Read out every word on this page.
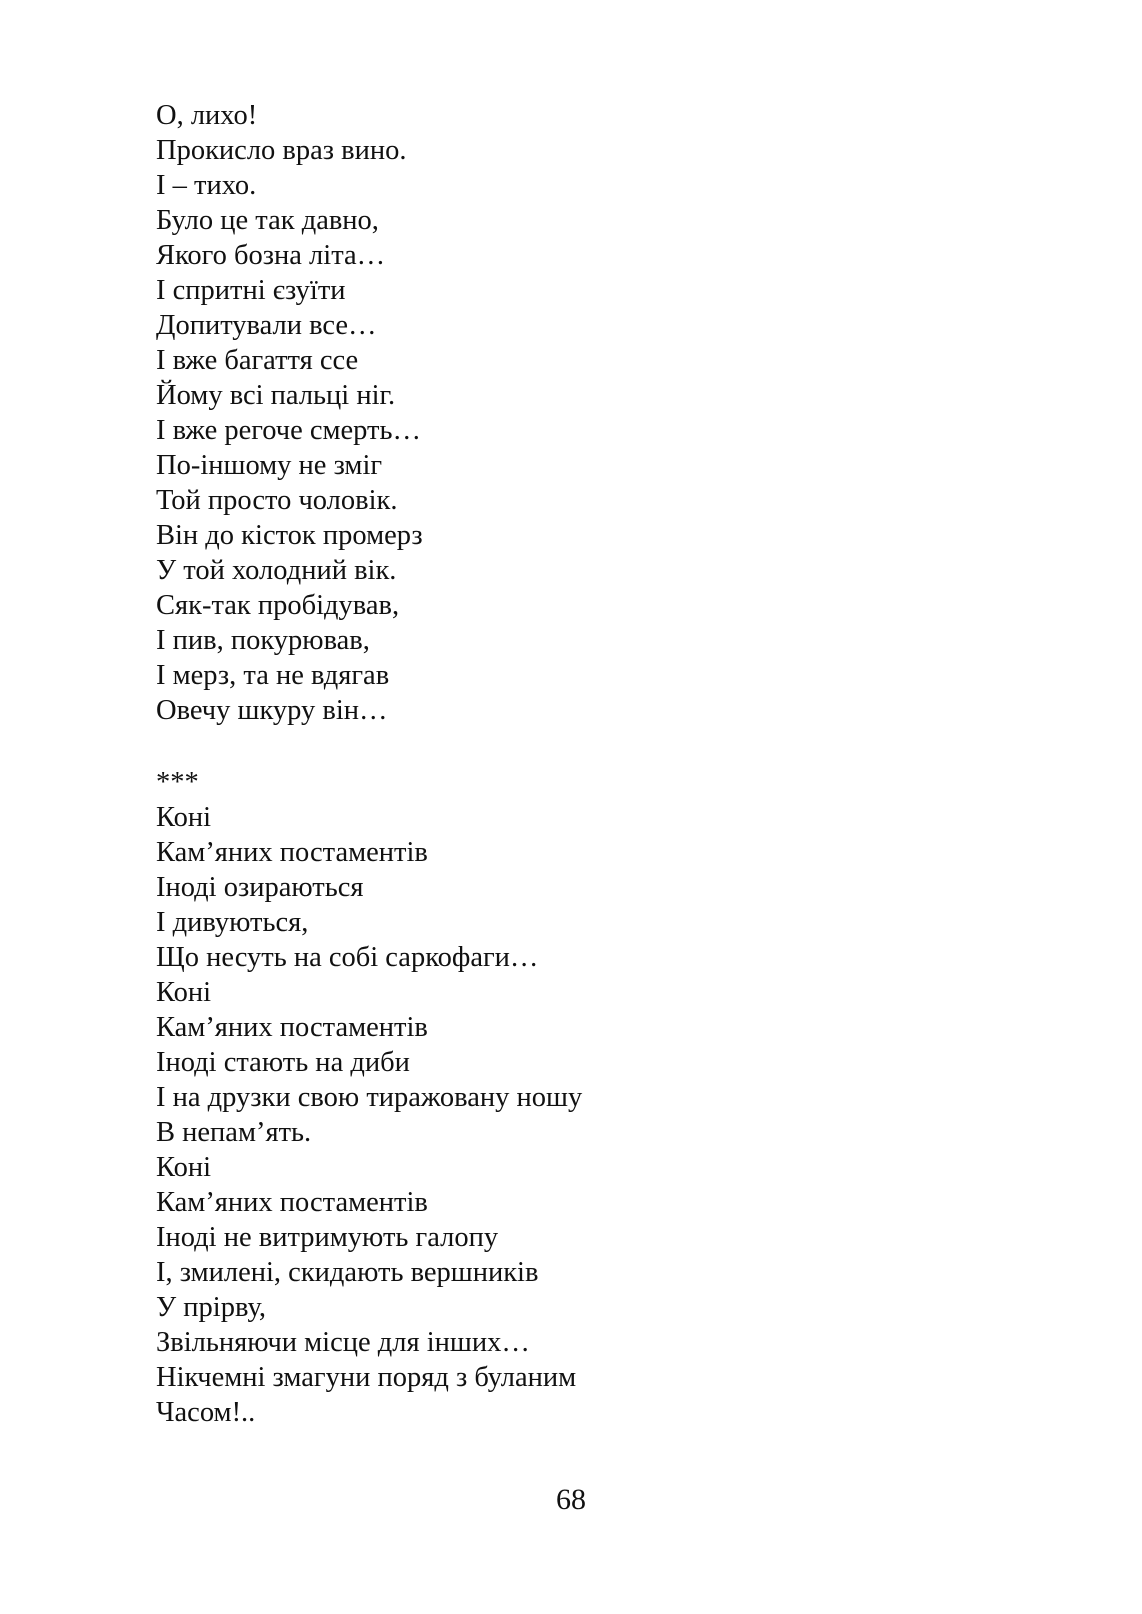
О, лихо!
Прокисло враз вино.
І – тихо.
Було це так давно,
Якого бозна літа…
І спритні єзуїти
Допитували все…
І вже багаття ссе
Йому всі пальці ніг.
І вже регоче смерть…
По-іншому не зміг
Той просто чоловік.
Він до кісток промерз
У той холодний вік.
Сяк-так пробідував,
І пив, покурював,
І мерз, та не вдягав
Овечу шкуру він…
***
Коні
Кам’яних постаментів
Іноді озираються
І дивуються,
Що несуть на собі саркофаги…
Коні
Кам’яних постаментів
Іноді стають на диби
І на друзки свою тиражовану ношу
В непам’ять.
Коні
Кам’яних постаментів
Іноді не витримують галопу
І, змилені, скидають вершників
У прірву,
Звільняючи місце для інших…
Нікчемні змагуни поряд з буланим
Часом!..
68
